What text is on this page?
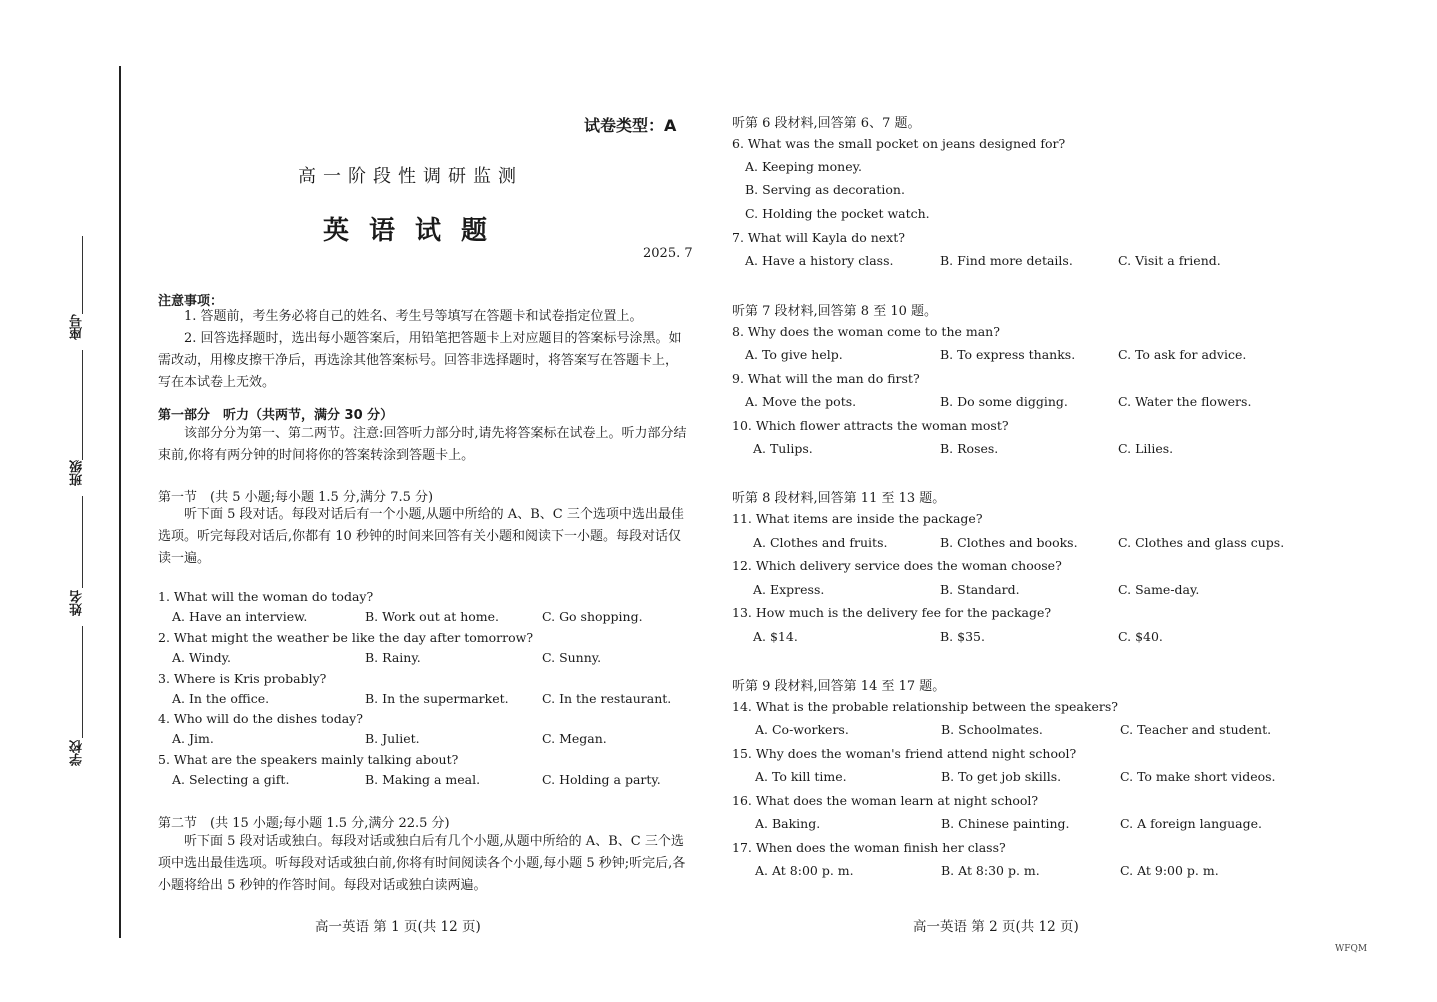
座号
班级
姓名
学校
试卷类型：A
高一阶段性调研监测
英语试题
2025. 7
注意事项：
1. 答题前，考生务必将自己的姓名、考生号等填写在答题卡和试卷指定位置上。
2. 回答选择题时，选出每小题答案后，用铅笔把答题卡上对应题目的答案标号涂黑。如需改动，用橡皮擦干净后，再选涂其他答案标号。回答非选择题时，将答案写在答题卡上，写在本试卷上无效。
第一部分　听力（共两节，满分 30 分）
该部分分为第一、第二两节。注意:回答听力部分时,请先将答案标在试卷上。听力部分结束前,你将有两分钟的时间将你的答案转涂到答题卡上。
第一节　(共 5 小题;每小题 1.5 分,满分 7.5 分)
听下面 5 段对话。每段对话后有一个小题,从题中所给的 A、B、C 三个选项中选出最佳选项。听完每段对话后,你都有 10 秒钟的时间来回答有关小题和阅读下一小题。每段对话仅读一遍。
1. What will the woman do today?
A. Have an interview.	B. Work out at home.	C. Go shopping.
2. What might the weather be like the day after tomorrow?
A. Windy.	B. Rainy.	C. Sunny.
3. Where is Kris probably?
A. In the office.	B. In the supermarket.	C. In the restaurant.
4. Who will do the dishes today?
A. Jim.	B. Juliet.	C. Megan.
5. What are the speakers mainly talking about?
A. Selecting a gift.	B. Making a meal.	C. Holding a party.
第二节　(共 15 小题;每小题 1.5 分,满分 22.5 分)
听下面 5 段对话或独白。每段对话或独白后有几个小题,从题中所给的 A、B、C 三个选项中选出最佳选项。听每段对话或独白前,你将有时间阅读各个小题,每小题 5 秒钟;听完后,各小题将给出 5 秒钟的作答时间。每段对话或独白读两遍。
高一英语 第 1 页(共 12 页)
听第 6 段材料,回答第 6、7 题。
6. What was the small pocket on jeans designed for?
A. Keeping money.
B. Serving as decoration.
C. Holding the pocket watch.
7. What will Kayla do next?
A. Have a history class.	B. Find more details.	C. Visit a friend.
听第 7 段材料,回答第 8 至 10 题。
8. Why does the woman come to the man?
A. To give help.	B. To express thanks.	C. To ask for advice.
9. What will the man do first?
A. Move the pots.	B. Do some digging.	C. Water the flowers.
10. Which flower attracts the woman most?
A. Tulips.	B. Roses.	C. Lilies.
听第 8 段材料,回答第 11 至 13 题。
11. What items are inside the package?
A. Clothes and fruits.	B. Clothes and books.	C. Clothes and glass cups.
12. Which delivery service does the woman choose?
A. Express.	B. Standard.	C. Same-day.
13. How much is the delivery fee for the package?
A. $14.	B. $35.	C. $40.
听第 9 段材料,回答第 14 至 17 题。
14. What is the probable relationship between the speakers?
A. Co-workers.	B. Schoolmates.	C. Teacher and student.
15. Why does the woman's friend attend night school?
A. To kill time.	B. To get job skills.	C. To make short videos.
16. What does the woman learn at night school?
A. Baking.	B. Chinese painting.	C. A foreign language.
17. When does the woman finish her class?
A. At 8:00 p. m.	B. At 8:30 p. m.	C. At 9:00 p. m.
高一英语 第 2 页(共 12 页)
WFQM
